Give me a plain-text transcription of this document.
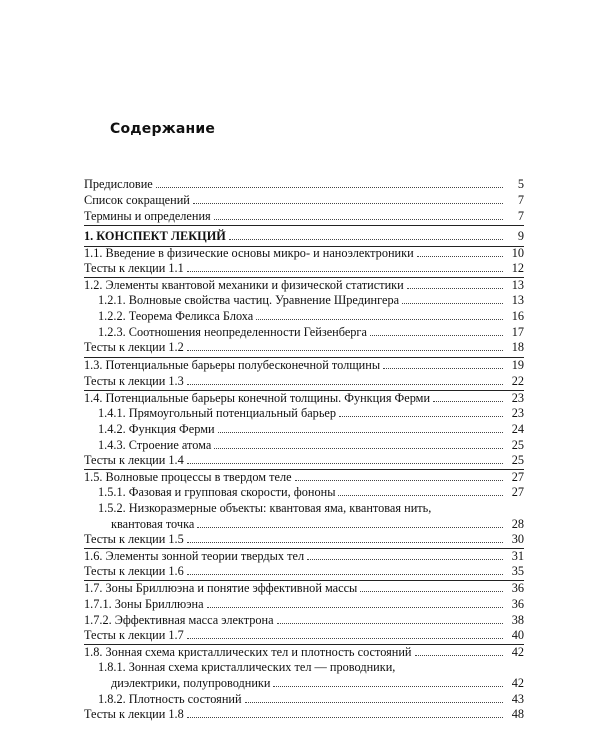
Содержание
Предисловие	5
Список сокращений	7
Термины и определения	7
1. КОНСПЕКТ ЛЕКЦИЙ	9
1.1. Введение в физические основы микро- и наноэлектроники	10
Тесты к лекции 1.1	12
1.2. Элементы квантовой механики и физической статистики	13
1.2.1. Волновые свойства частиц. Уравнение Шредингера	13
1.2.2. Теорема Феликса Блоха	16
1.2.3. Соотношения неопределенности Гейзенберга	17
Тесты к лекции 1.2	18
1.3. Потенциальные барьеры полубесконечной толщины	19
Тесты к лекции 1.3	22
1.4. Потенциальные барьеры конечной толщины. Функция Ферми	23
1.4.1. Прямоугольный потенциальный барьер	23
1.4.2. Функция Ферми	24
1.4.3. Строение атома	25
Тесты к лекции 1.4	25
1.5. Волновые процессы в твердом теле	27
1.5.1. Фазовая и групповая скорости, фононы	27
1.5.2. Низкоразмерные объекты: квантовая яма, квантовая нить,
квантовая точка	28
Тесты к лекции 1.5	30
1.6. Элементы зонной теории твердых тел	31
Тесты к лекции 1.6	35
1.7. Зоны Бриллюэна и понятие эффективной массы	36
1.7.1. Зоны Бриллюэна	36
1.7.2. Эффективная масса электрона	38
Тесты к лекции 1.7	40
1.8. Зонная схема кристаллических тел и плотность состояний	42
1.8.1. Зонная схема кристаллических тел — проводники,
диэлектрики, полупроводники	42
1.8.2. Плотность состояний	43
Тесты к лекции 1.8	48
